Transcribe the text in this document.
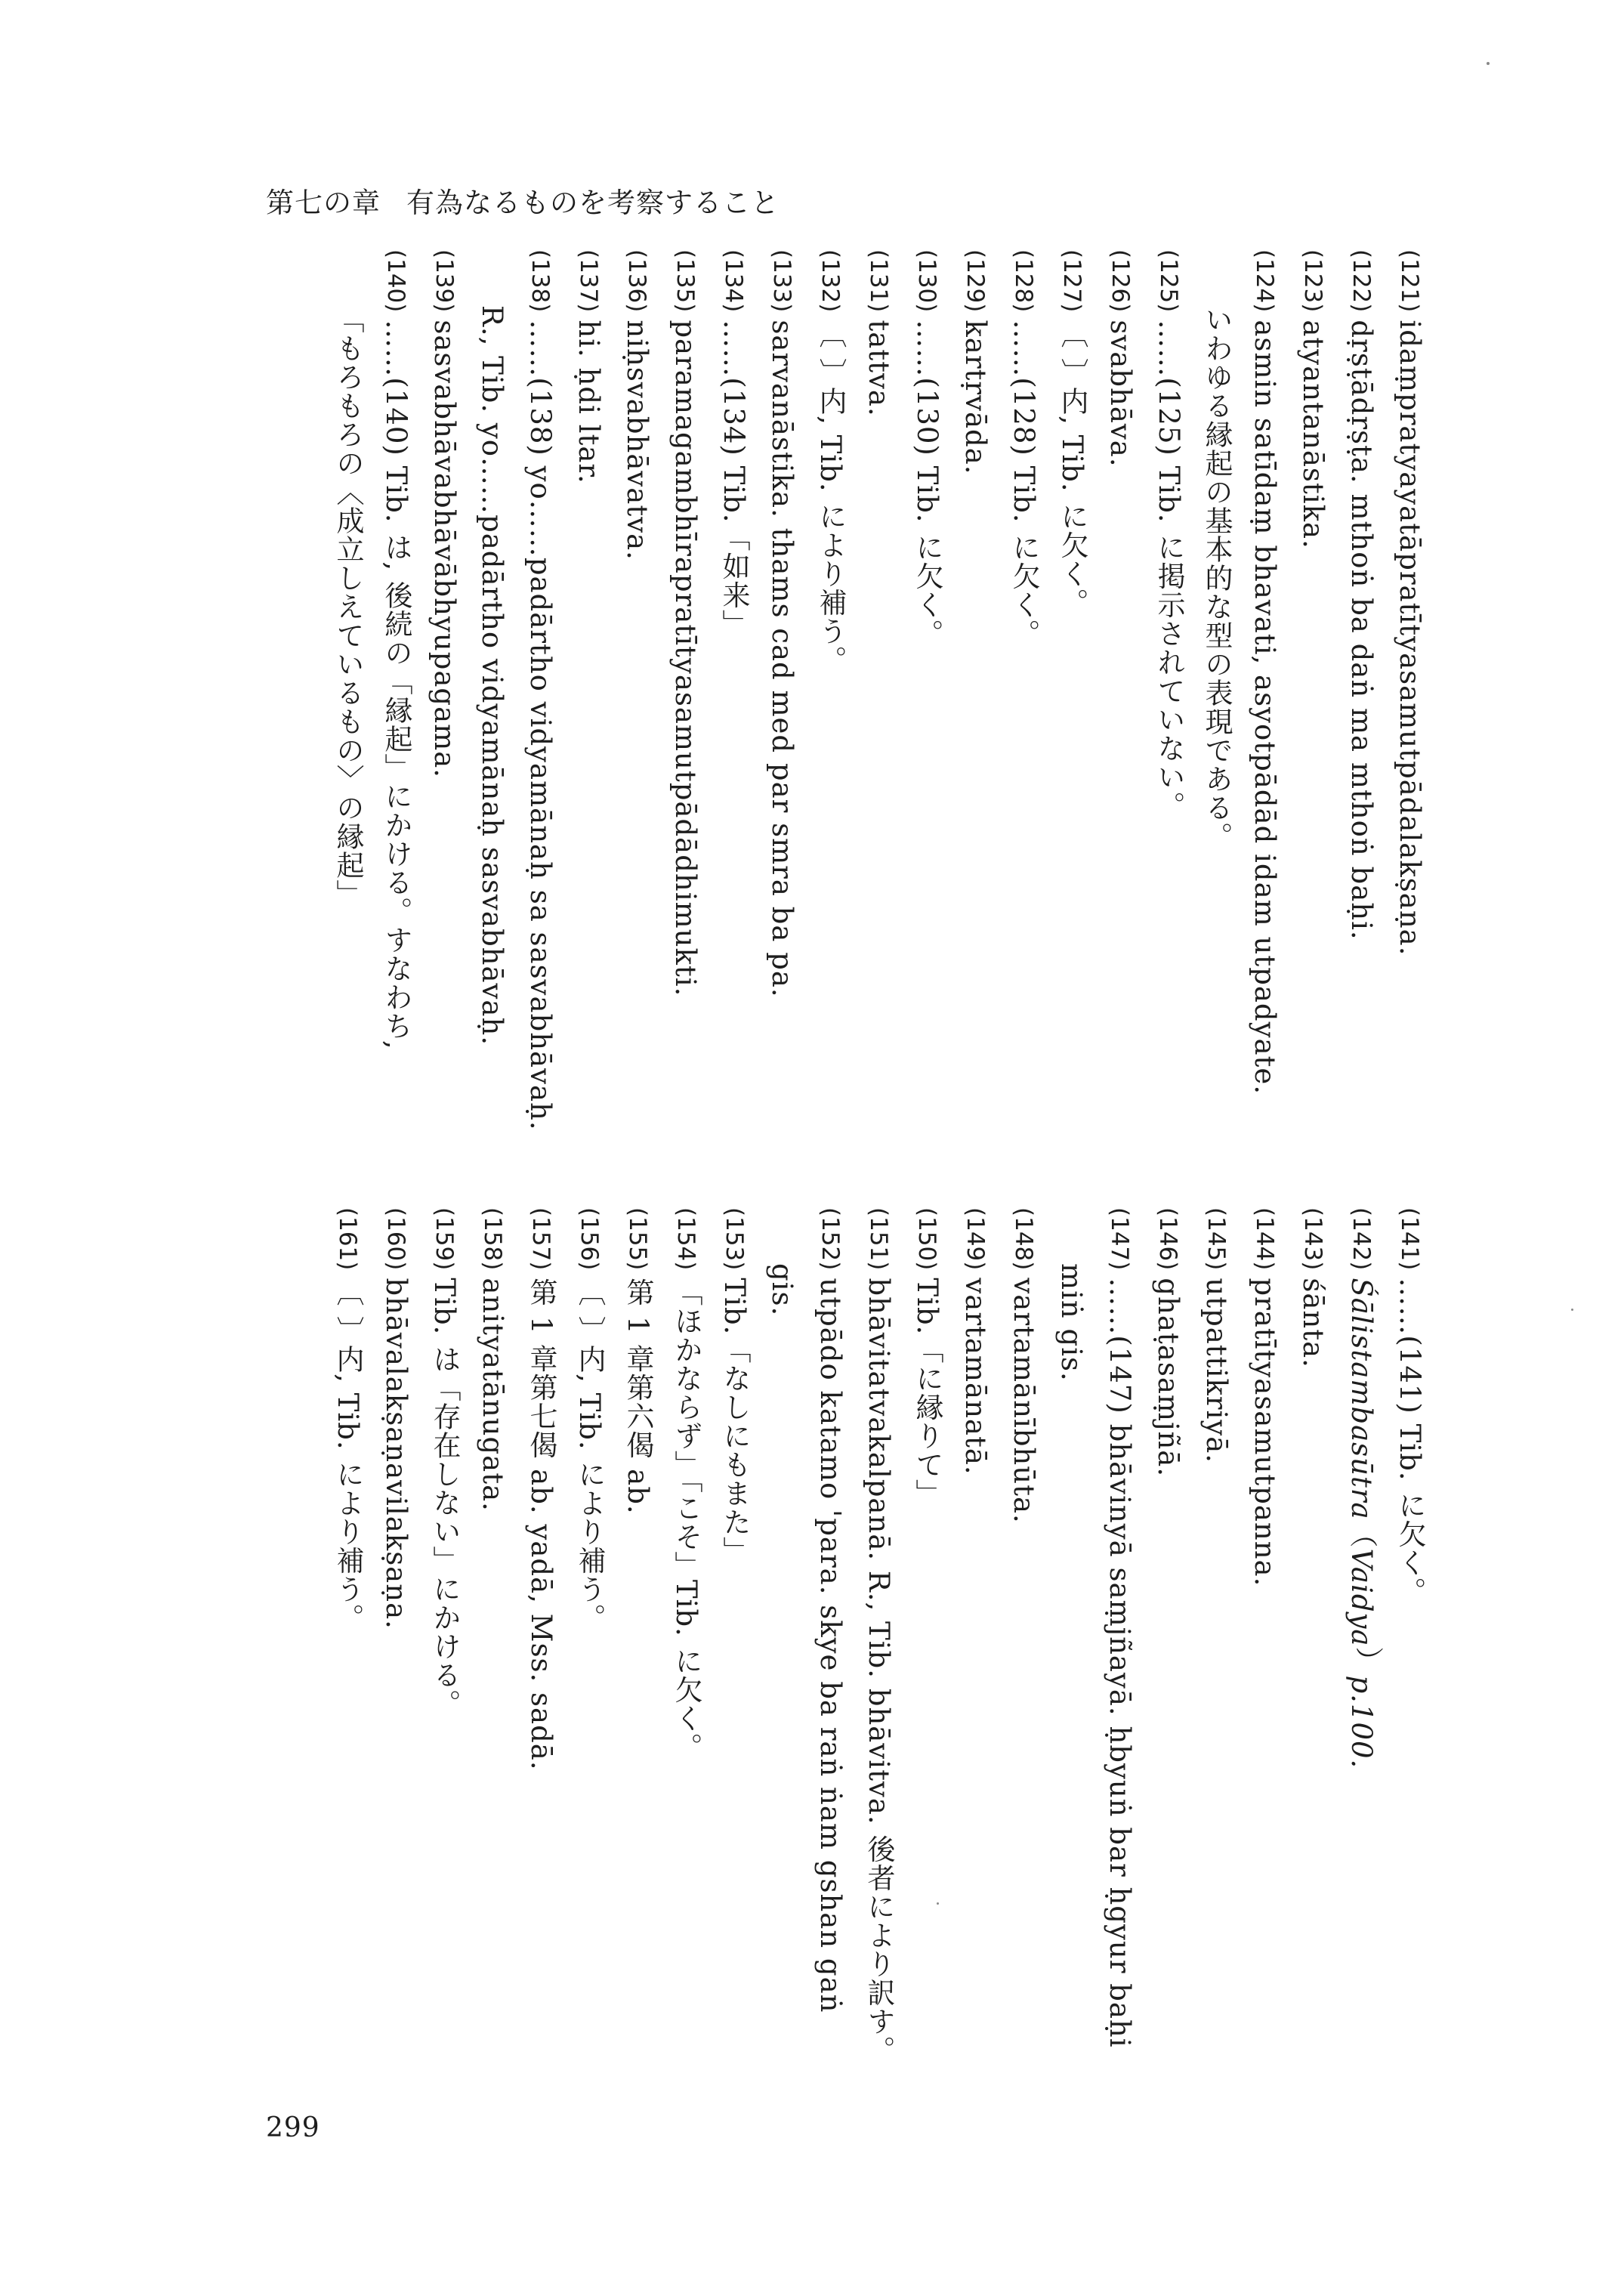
第七の章 有為なるものを考察すること
(121)idaṃpratyayatāpratītyasamutpādalakṣaṇa.
(122)dṛṣṭādṛṣṭa. mthoṅ ba daṅ ma mthoṅ baḥi.
(123)atyantanāstika.
(124)asmin satīdaṃ bhavati, asyotpādād idam utpadyate.
いわゆる縁起の基本的な型の表現である。
(125)……(125) Tib. に掲示されていない。
(126)svabhāva.
(127)〔 〕内, Tib. に欠く。
(128)……(128) Tib. に欠く。
(129)kartṛvāda.
(130)……(130) Tib. に欠く。
(131)tattva.
(132)〔 〕内, Tib. により補う。
(133)sarvanāstika. thams cad med par smra ba pa.
(134)……(134) Tib.「如来」
(135)paramagambhīrapratītyasamutpādādhimukti.
(136)niḥsvabhāvatva.
(137)hi. ḥdi ltar.
(138)……(138) yo……padārtho vidyamānaḥ sa sasvabhāvaḥ.
R., Tib. yo……padārtho vidyamānaḥ sasvabhāvaḥ.
(139)sasvabhāvabhāvābhyupagama.
(140)……(140) Tib. は, 後続の「縁起」にかける。すなわち,
「もろもろの〈成立しえているもの〉の縁起」
(141)……(141) Tib. に欠く。
(142)Śālistambasūtra（Vaidya）p.100.
(143)śānta.
(144)pratītyasamutpanna.
(145)utpattikriyā.
(146)ghaṭasaṃjñā.
(147)……(147) bhāvinyā saṃjñayā. ḥbyuṅ bar ḥgyur baḥi
miṅ gis.
(148)vartamānībhūta.
(149)vartamānatā.
(150)Tib.「に縁りて」
(151)bhāvitatvakalpanā. R., Tib. bhāvitva. 後者により訳す。
(152)utpādo katamo 'para. skye ba raṅ ṅam gshan gaṅ
gis.
(153)Tib.「なしにもまた」
(154)「ほかならず」「こそ」Tib. に欠く。
(155)第 1 章第六偈 ab.
(156)〔 〕内, Tib. により補う。
(157)第 1 章第七偈 ab. yadā, Mss. sadā.
(158)anityatānugata.
(159)Tib. は「存在しない」にかける。
(160)bhāvalakṣaṇavilakṣaṇa.
(161)〔 〕内, Tib. により補う。
299
